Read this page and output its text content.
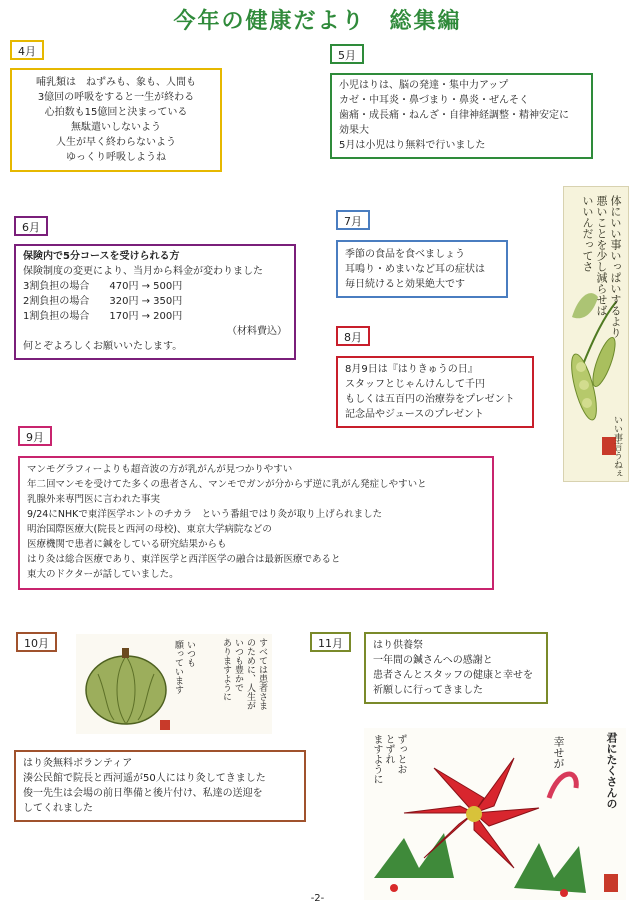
今年の健康だより　総集編
4月
哺乳類は　ねずみも、象も、人間も
3億回の呼吸をすると一生が終わる
心拍数も15億回と決まっている
無駄遣いしないよう
人生が早く終わらないよう
ゆっくり呼吸しようね
5月
小児はりは、脳の発達・集中力アップ
カゼ・中耳炎・鼻づまり・鼻炎・ぜんそく
歯痛・成長痛・ねんざ・自律神経調整・精神安定に
効果大
5月は小児はり無料で行いました
体にいい事いっぱいするより
悪いことを少し減らせば
いいんだってさ
いい事言うねぇ
6月
保険内で5分コースを受けられる方
保険制度の変更により、当月から料金が変わりました
3割負担の場合　　470円 → 500円
2割負担の場合　　320円 → 350円
1割負担の場合　　170円 → 200円
（材料費込）
何とぞよろしくお願いいたします。
7月
季節の食品を食べましょう
耳鳴り・めまいなど耳の症状は
毎日続けると効果絶大です
8月
8月9日は『はりきゅうの日』
スタッフとじゃんけんして千円
もしくは五百円の治療券をプレゼント
記念品やジュースのプレゼント
9月
マンモグラフィーよりも超音波の方が乳がんが見つかりやすい
年二回マンモを受けてた多くの患者さん、マンモでガンが分からず逆に乳がん発症しやすいと
乳腺外来専門医に言われた事実
9/24にNHKで東洋医学ホントのチカラ　という番組ではり灸が取り上げられました
明治国際医療大(院長と西河の母校)、東京大学病院などの
医療機関で患者に鍼をしている研究結果からも
はり灸は総合医療であり、東洋医学と西洋医学の融合は最新医療であると
東大のドクターが話していました。
10月	いつも
願っています	すべては患者さま
のために、人生が
いつも豊かで
ありますように
はり灸無料ボランティア
湊公民館で院長と西河遥が50人にはり灸してきました
俊一先生は会場の前日準備と後片付け、私達の送迎を
してくれました
11月	はり供養祭
一年間の鍼さんへの感謝と
患者さんとスタッフの健康と幸せを
祈願しに行ってきました
君にたくさんの
幸せが
ずっとお
とずれ
ますように
-2-
